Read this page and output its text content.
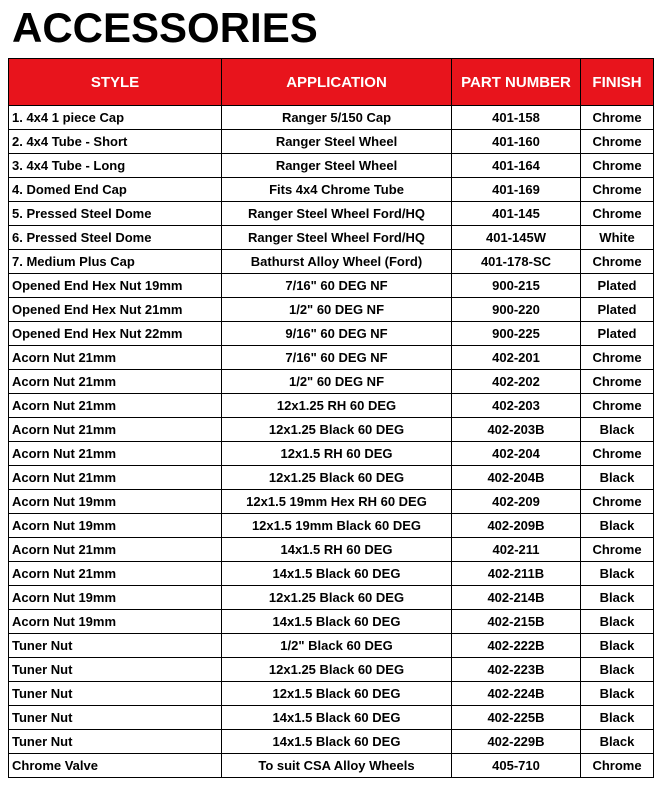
ACCESSORIES
STYLE	APPLICATION	PART NUMBER	FINISH
1. 4x4 1 piece Cap	Ranger 5/150 Cap	401-158	Chrome
2. 4x4 Tube - Short	Ranger Steel Wheel	401-160	Chrome
3. 4x4 Tube - Long	Ranger Steel Wheel	401-164	Chrome
4. Domed End Cap	Fits 4x4 Chrome Tube	401-169	Chrome
5. Pressed Steel Dome	Ranger Steel Wheel Ford/HQ	401-145	Chrome
6. Pressed Steel Dome	Ranger Steel Wheel Ford/HQ	401-145W	White
7. Medium Plus Cap	Bathurst Alloy Wheel (Ford)	401-178-SC	Chrome
Opened End Hex Nut 19mm	7/16" 60 DEG NF	900-215	Plated
Opened End Hex Nut 21mm	1/2" 60 DEG NF	900-220	Plated
Opened End Hex Nut 22mm	9/16" 60 DEG NF	900-225	Plated
Acorn Nut 21mm	7/16" 60 DEG NF	402-201	Chrome
Acorn Nut 21mm	1/2" 60 DEG NF	402-202	Chrome
Acorn Nut 21mm	12x1.25 RH 60 DEG	402-203	Chrome
Acorn Nut 21mm	12x1.25 Black 60 DEG	402-203B	Black
Acorn Nut 21mm	12x1.5 RH 60 DEG	402-204	Chrome
Acorn Nut 21mm	12x1.25 Black 60 DEG	402-204B	Black
Acorn Nut 19mm	12x1.5 19mm Hex RH 60 DEG	402-209	Chrome
Acorn Nut 19mm	12x1.5 19mm Black 60 DEG	402-209B	Black
Acorn Nut 21mm	14x1.5 RH 60 DEG	402-211	Chrome
Acorn Nut 21mm	14x1.5 Black 60 DEG	402-211B	Black
Acorn Nut 19mm	12x1.25 Black 60 DEG	402-214B	Black
Acorn Nut 19mm	14x1.5 Black 60 DEG	402-215B	Black
Tuner Nut	1/2" Black 60 DEG	402-222B	Black
Tuner Nut	12x1.25 Black 60 DEG	402-223B	Black
Tuner Nut	12x1.5 Black 60 DEG	402-224B	Black
Tuner Nut	14x1.5 Black 60 DEG	402-225B	Black
Tuner Nut	14x1.5 Black 60 DEG	402-229B	Black
Chrome Valve	To suit CSA Alloy Wheels	405-710	Chrome
